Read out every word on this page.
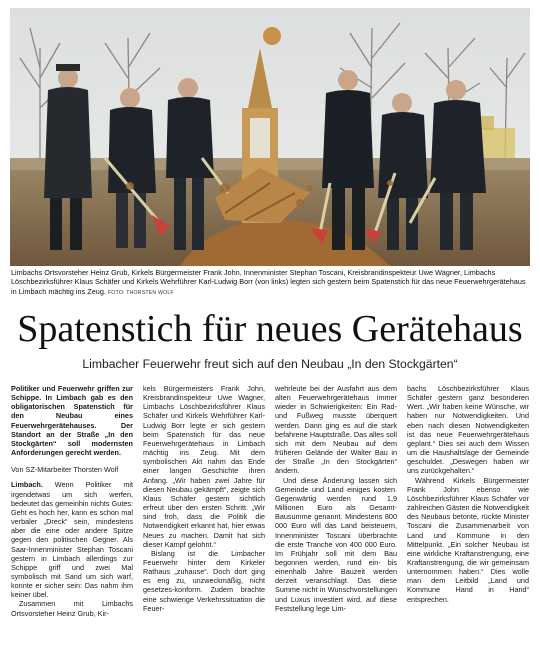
Limbachs Ortsvorsteher Heinz Grub, Kirkels Bürgermeister Frank John, Innenminister Stephan Toscani, Kreisbrandinspekteur Uwe Wagner, Limbachs Löschbezirksführer Klaus Schäfer und Kirkels Wehrführer Karl-Ludwig Borr (von links) legten sich gestern beim Spatenstich für das neue Feuerwehrgerätehaus in Limbach mächtig ins Zeug. FOTO: THORSTEN WOLF
Spatenstich für neues Gerätehaus
Limbacher Feuerwehr freut sich auf den Neubau „In den Stockgärten“

Politiker und Feuerwehr griffen zur Schippe. In Limbach gab es den obligatorischen Spatenstich für den Neubau eines Feuerwehrgerätehauses. Der Standort an der Straße „In den Stockgärten“ soll modernsten Anforderungen gerecht werden.

Von SZ-Mitarbeiter Thorsten Wolf

Limbach. Wenn Politiker mit irgendetwas um sich werfen, bedeutet das gemeinhin nichts Gutes: Geht es hoch her, kann es schon mal verbaler „Dreck“ sein, mindestens aber die eine oder andere Spitze gegen den politischen Gegner. Als Saar-Innenminister Stephan Toscani gestern in Limbach allerdings zur Schippe griff und zwei Mal symbolisch mit Sand um sich warf, konnte er sicher sein: Das nahm ihm keiner übel.

Zusammen mit Limbachs Ortsvorsteher Heinz Grub, Kir-

kels Bürgermeisters Frank John, Kreisbrandinspekteur Uwe Wagner, Limbachs Löschbezirksführer Klaus Schäfer und Kirkels Wehrführer Karl-Ludwig Borr legte er sich gestern beim Spatenstich für das neue Feuerwehrgerätehaus in Limbach mächtig ins Zeug. Mit dem symbolischen Akt nahm das Ende einer langen Geschichte ihren Anfang. „Wir haben zwei Jahre für diesen Neubau gekämpft“, zeigte sich Klaus Schäfer gestern sichtlich erfreut über den ersten Schritt. „Wir sind froh, dass die Politik die Notwendigkeit erkannt hat, hier etwas Neues zu machen. Damit hat sich dieser Kampf gelohnt.“

Bislang ist die Limbacher Feuerwehr hinter dem Kirkeler Rathaus „zuhause“. Doch dort ging es eng zu, unzweckmäßig, nicht gesetzes-konform. Zudem brachte eine schwierige Verkehrssituation die Feuer-

wehrleute bei der Ausfahrt aus dem alten Feuerwehrgerätehaus immer wieder in Schwierigkeiten: Ein Rad- und Fußweg musste überquert werden. Dann ging es auf die stark befahrene Hauptstraße. Das alles soll sich mit dem Neubau auf dem früheren Gelände der Walter Bau in der Straße „In den Stockgärten“ ändern.

Und diese Änderung lassen sich Gemeinde und Land einiges kosten. Gegenwärtig werden rund 1,9 Millionen Euro als Gesamt-Bausumme genannt. Mindestens 800 000 Euro will das Land beisteuern, Innenminister Toscani überbrachte die erste Tranche von 400 000 Euro. Im Frühjahr soll mit dem Bau begonnen werden, rund ein- bis einenhalb Jahre Bauzeit werden derzeit veranschlagt. Das diese Summe nicht in Wunschvorstellungen und Luxus investiert wird, auf diese Feststellung lege Lim-

bachs Löschbezirksführer Klaus Schäfer gestern ganz besonderen Wert. „Wir haben keine Wünsche, wir haben nur Notwendigkeiten. Und eben nach diesen Notwendigkeiten ist das neue Feuerwehrgerätehaus geplant.“ Dies sei auch dem Wissen um die Haushaltslage der Gemeinde geschuldet. „Deswegen haben wir uns zurückgehalten.“

Während Kirkels Bürgermeister Frank John ebenso wie Löschbezirksführer Klaus Schäfer vor zahlreichen Gästen die Notwendigkeit des Neubaus betonte, rückte Minister Toscani die Zusammenarbeit von Land und Kommune in den Mittelpunkt. „Ein solcher Neubau ist eine wirkliche Kraftanstrengung, eine Kraftanstrengung, die wir gemeinsam unternommen haben.“ Dies wolle man dem Leitbild „Land und Kommune Hand in Hand“ entsprechen.
